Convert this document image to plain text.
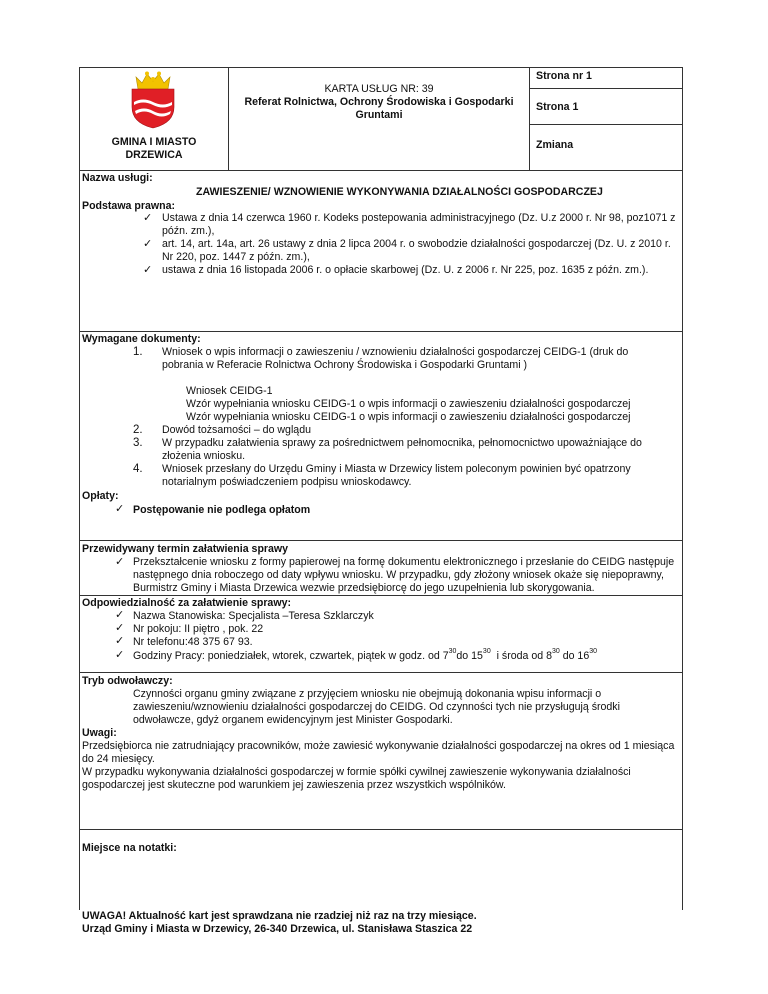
GMINA I MIASTO DRZEWICA
KARTA USŁUG NR: 39
Referat Rolnictwa, Ochrony Środowiska i Gospodarki Gruntami
Strona nr 1
Strona 1
Zmiana
Nazwa usługi:
ZAWIESZENIE/ WZNOWIENIE WYKONYWANIA DZIAŁALNOŚCI GOSPODARCZEJ
Podstawa prawna:
✓ Ustawa z dnia 14 czerwca 1960 r. Kodeks postepowania administracyjnego (Dz. U.z 2000 r. Nr 98, poz1071 z późn. zm.),
✓ art. 14, art. 14a, art. 26 ustawy z dnia 2 lipca 2004 r. o swobodzie działalności gospodarczej (Dz. U. z 2010 r. Nr 220, poz. 1447 z późn. zm.),
✓ ustawa z dnia 16 listopada 2006 r. o opłacie skarbowej (Dz. U. z 2006 r. Nr 225, poz. 1635 z późn. zm.).
Wymagane dokumenty:
1. Wniosek o wpis informacji o zawieszeniu / wznowieniu działalności gospodarczej CEIDG-1 (druk do pobrania w Referacie Rolnictwa Ochrony Środowiska i Gospodarki Gruntami )
Wniosek CEIDG-1
Wzór wypełniania wniosku CEIDG-1 o wpis informacji o zawieszeniu działalności gospodarczej
Wzór wypełniania wniosku CEIDG-1 o wpis informacji o zawieszeniu działalności gospodarczej
2. Dowód tożsamości – do wglądu
3. W przypadku załatwienia sprawy za pośrednictwem pełnomocnika, pełnomocnictwo upoważniające do złożenia wniosku.
4. Wniosek przesłany do Urzędu Gminy i Miasta w Drzewicy listem poleconym powinien być opatrzony notarialnym poświadczeniem podpisu wnioskodawcy.
Opłaty:
✓ Postępowanie nie podlega opłatom
Przewidywany termin załatwienia sprawy
✓ Przekształcenie wniosku z formy papierowej na formę dokumentu elektronicznego i przesłanie do CEIDG następuje następnego dnia roboczego od daty wpływu wniosku. W przypadku, gdy złożony wniosek okaże się niepoprawny, Burmistrz Gminy i Miasta Drzewica wezwie przedsiębiorcę do jego uzupełnienia lub skorygowania.
Odpowiedzialność za załatwienie sprawy:
✓ Nazwa Stanowiska: Specjalista –Teresa Szklarczyk
✓ Nr pokoju: II piętro , pok. 22
✓ Nr telefonu:48 375 67 93.
✓ Godziny Pracy: poniedziałek, wtorek, czwartek, piątek w godz. od $7^{30}do$ $15^{30}$  i środa od $8^{30}$ do $16^{30}$
Tryb odwoławczy:
Czynności organu gminy związane z przyjęciem wniosku nie obejmują dokonania wpisu informacji o zawieszeniu/wznowieniu działalności gospodarczej do CEIDG. Od czynności tych nie przysługują środki odwoławcze, gdyż organem ewidencyjnym jest Minister Gospodarki.
Uwagi:
Przedsiębiorca nie zatrudniający pracowników, może zawiesić wykonywanie działalności gospodarczej na okres od 1 miesiąca do 24 miesięcy.
W przypadku wykonywania działalności gospodarczej w formie spółki cywilnej zawieszenie wykonywania działalności gospodarczej jest skuteczne pod warunkiem jej zawieszenia przez wszystkich wspólników.
Miejsce na notatki:
UWAGA! Aktualność kart jest sprawdzana nie rzadziej niż raz na trzy miesiące.
Urząd Gminy i Miasta w Drzewicy, 26-340 Drzewica, ul. Stanisława Staszica 22
